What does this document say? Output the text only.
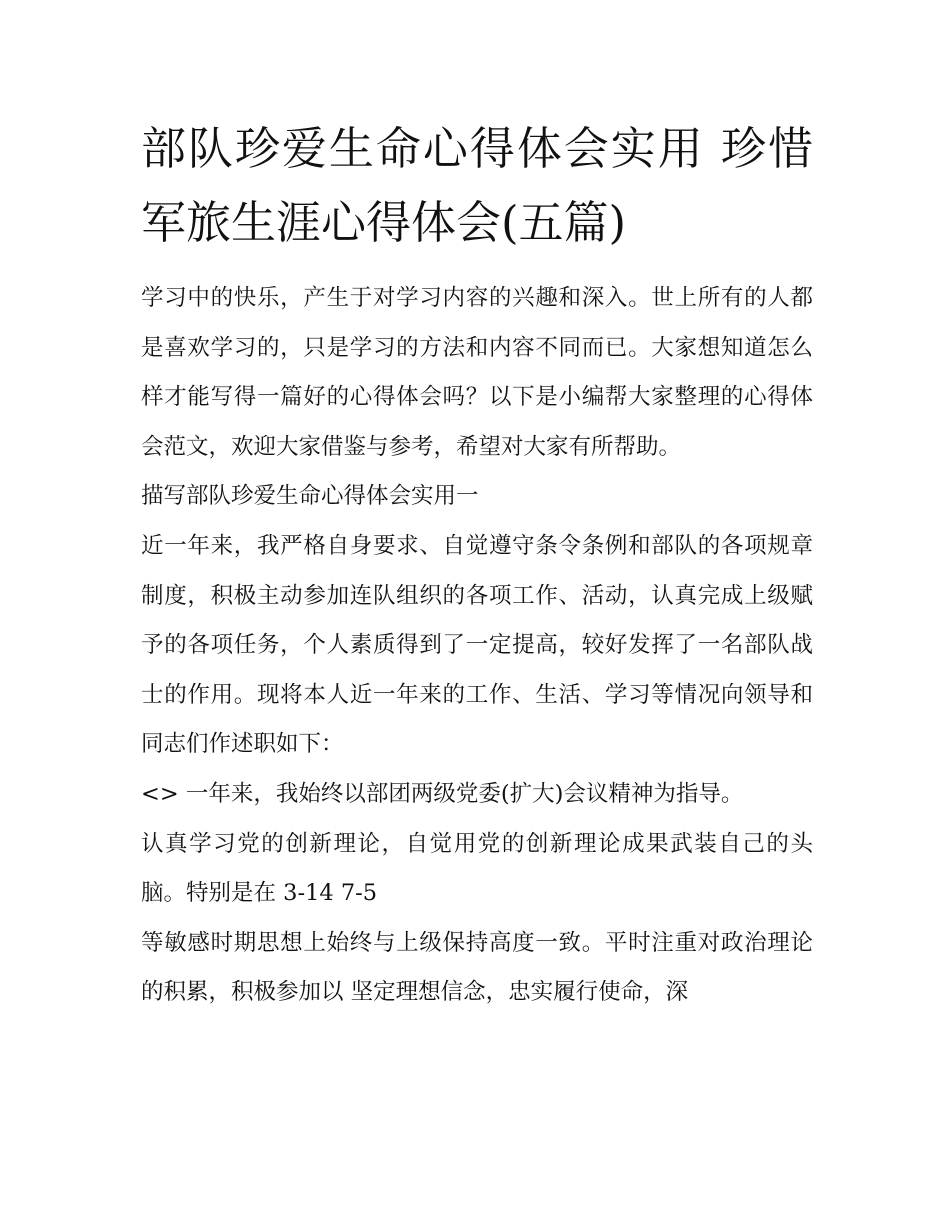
部队珍爱生命心得体会实用 珍惜军旅生涯心得体会(五篇)

学习中的快乐，产生于对学习内容的兴趣和深入。世上所有的人都是喜欢学习的，只是学习的方法和内容不同而已。大家想知道怎么样才能写得一篇好的心得体会吗？以下是小编帮大家整理的心得体会范文，欢迎大家借鉴与参考，希望对大家有所帮助。

描写部队珍爱生命心得体会实用一

近一年来，我严格自身要求、自觉遵守条令条例和部队的各项规章制度，积极主动参加连队组织的各项工作、活动，认真完成上级赋予的各项任务，个人素质得到了一定提高，较好发挥了一名部队战士的作用。现将本人近一年来的工作、生活、学习等情况向领导和同志们作述职如下：

<> 一年来，我始终以部团两级党委(扩大)会议精神为指导。

认真学习党的创新理论，自觉用党的创新理论成果武装自己的头脑。特别是在 3-14 7-5

等敏感时期思想上始终与上级保持高度一致。平时注重对政治理论的积累，积极参加以 坚定理想信念，忠实履行使命，深
